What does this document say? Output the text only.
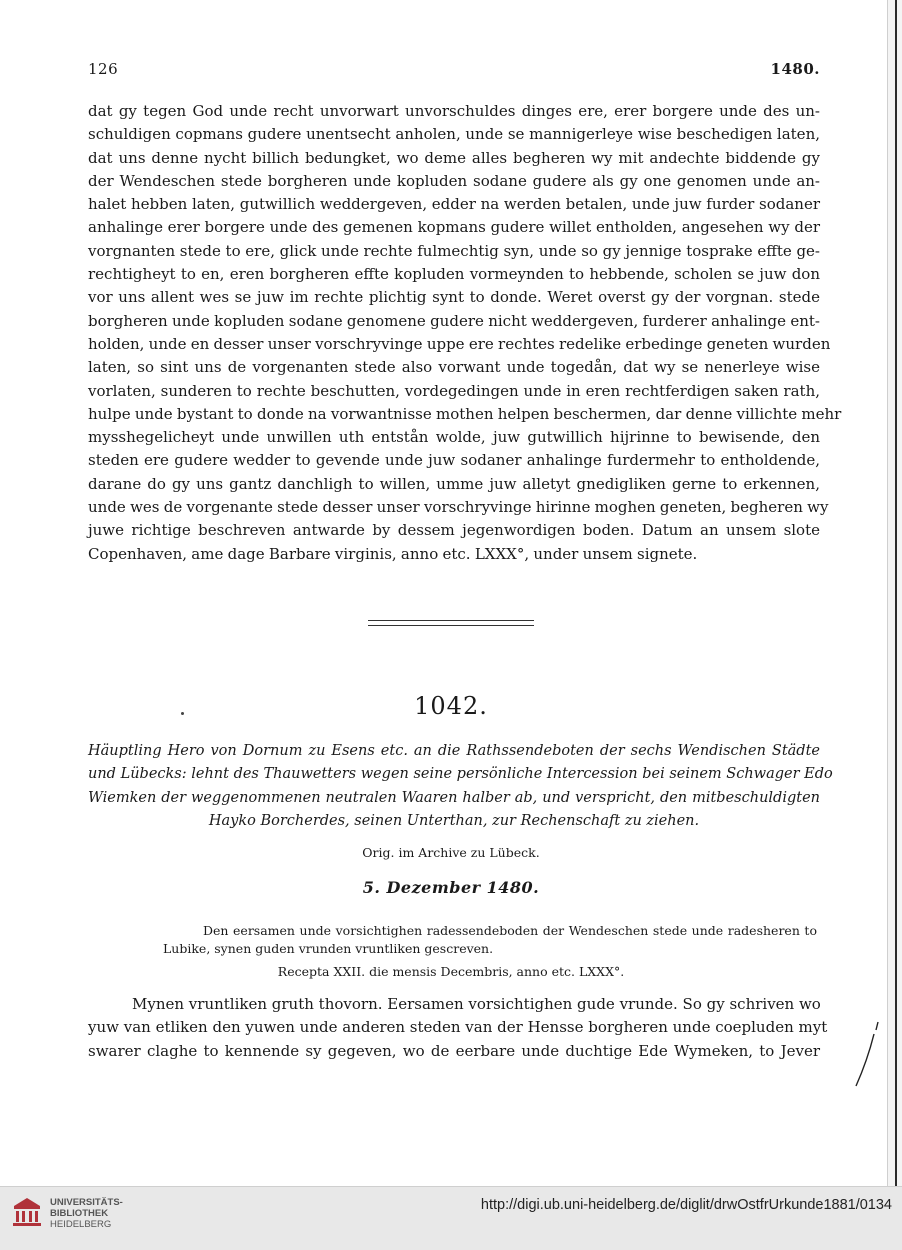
126	1480.
dat gy tegen God unde recht unvorwart unvorschuldes dinges ere, erer borgere unde des un-
schuldigen copmans gudere unentsecht anholen, unde se mannigerleye wise beschedigen laten,
dat uns denne nycht billich bedungket, wo deme alles begheren wy mit andechte biddende gy
der Wendeschen stede borgheren unde kopluden sodane gudere als gy one genomen unde an-
halet hebben laten, gutwillich weddergeven, edder na werden betalen, unde juw furder sodaner
anhalinge erer borgere unde des gemenen kopmans gudere willet entholden, angesehen wy der
vorgnanten stede to ere, glick unde rechte fulmechtig syn, unde so gy jennige tosprake effte ge-
rechtigheyt to en, eren borgheren effte kopluden vormeynden to hebbende, scholen se juw don
vor uns allent wes se juw im rechte plichtig synt to donde. Weret overst gy der vorgnan. stede
borgheren unde kopluden sodane genomene gudere nicht weddergeven, furderer anhalinge ent-
holden, unde en desser unser vorschryvinge uppe ere rechtes redelike erbedinge geneten wurden
laten, so sint uns de vorgenanten stede also vorwant unde togedån, dat wy se nenerleye wise
vorlaten, sunderen to rechte beschutten, vordegedingen unde in eren rechtferdigen saken rath,
hulpe unde bystant to donde na vorwantnisse mothen helpen beschermen, dar denne villichte mehr
mysshegelicheyt unde unwillen uth entstån wolde, juw gutwillich hijrinne to bewisende, den
steden ere gudere wedder to gevende unde juw sodaner anhalinge furdermehr to entholdende,
darane do gy uns gantz danchligh to willen, umme juw alletyt gnedigliken gerne to erkennen,
unde wes de vorgenante stede desser unser vorschryvinge hirinne moghen geneten, begheren wy
juwe richtige beschreven antwarde by dessem jegenwordigen boden. Datum an unsem slote
Copenhaven, ame dage Barbare virginis, anno etc. LXXX°, under unsem signete.
1042.
Häuptling Hero von Dornum zu Esens etc. an die Rathssendeboten der sechs Wendischen Städte
und Lübecks: lehnt des Thauwetters wegen seine persönliche Intercession bei seinem Schwager Edo
Wiemken der weggenommenen neutralen Waaren halber ab, und verspricht, den mitbeschuldigten
Hayko Borcherdes, seinen Unterthan, zur Rechenschaft zu ziehen.
Orig. im Archive zu Lübeck.
5. Dezember 1480.
Den eersamen unde vorsichtighen radessendeboden der Wendeschen stede unde radesheren to
Lubike, synen guden vrunden vruntliken gescreven.
Recepta XXII. die mensis Decembris, anno etc. LXXX°.
Mynen vruntliken gruth thovorn. Eersamen vorsichtighen gude vrunde. So gy schriven wo
yuw van etliken den yuwen unde anderen steden van der Hensse borgheren unde coepluden myt
swarer claghe to kennende sy gegeven, wo de eerbare unde duchtige Ede Wymeken, to Jever
UNIVERSITÄTS-
BIBLIOTHEK
HEIDELBERG
http://digi.ub.uni-heidelberg.de/diglit/drwOstfrUrkunde1881/0134
